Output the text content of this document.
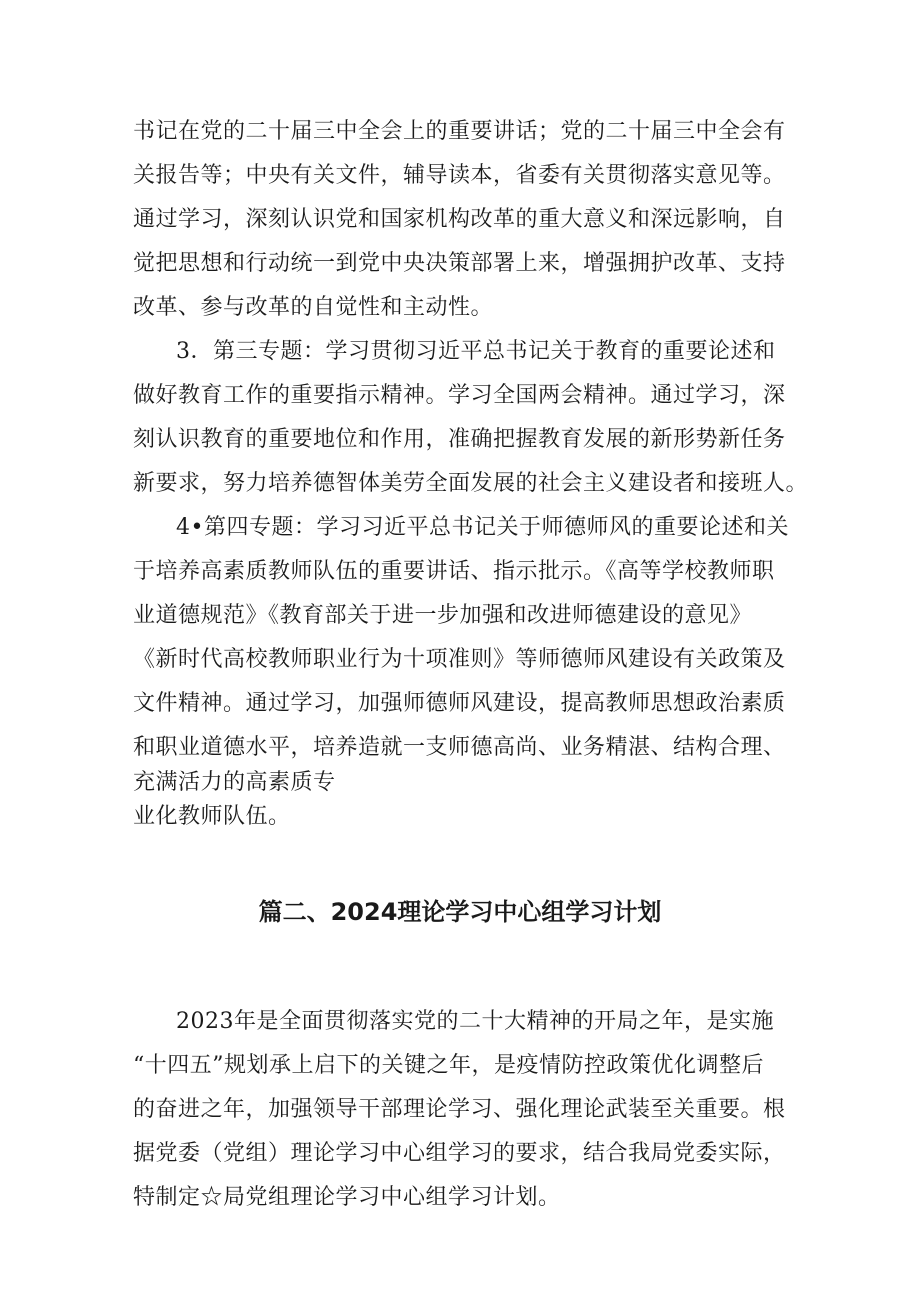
书记在党的二十届三中全会上的重要讲话；党的二十届三中全会有
关报告等；中央有关文件，辅导读本，省委有关贯彻落实意见等。
通过学习，深刻认识党和国家机构改革的重大意义和深远影响，自
觉把思想和行动统一到党中央决策部署上来，增强拥护改革、支持
改革、参与改革的自觉性和主动性。
3．第三专题：学习贯彻习近平总书记关于教育的重要论述和
做好教育工作的重要指示精神。学习全国两会精神。通过学习，深
刻认识教育的重要地位和作用，准确把握教育发展的新形势新任务
新要求，努力培养德智体美劳全面发展的社会主义建设者和接班人。
4•第四专题：学习习近平总书记关于师德师风的重要论述和关
于培养高素质教师队伍的重要讲话、指示批示。《高等学校教师职
业道德规范》《教育部关于进一步加强和改进师德建设的意见》
《新时代高校教师职业行为十项准则》等师德师风建设有关政策及
文件精神。通过学习，加强师德师风建设，提高教师思想政治素质
和职业道德水平，培养造就一支师德高尚、业务精湛、结构合理、
充满活力的高素质专
业化教师队伍。
篇二、2024理论学习中心组学习计划
2023年是全面贯彻落实党的二十大精神的开局之年，是实施
“十四五”规划承上启下的关键之年，是疫情防控政策优化调整后
的奋进之年，加强领导干部理论学习、强化理论武装至关重要。根
据党委（党组）理论学习中心组学习的要求，结合我局党委实际，
特制定☆局党组理论学习中心组学习计划。
